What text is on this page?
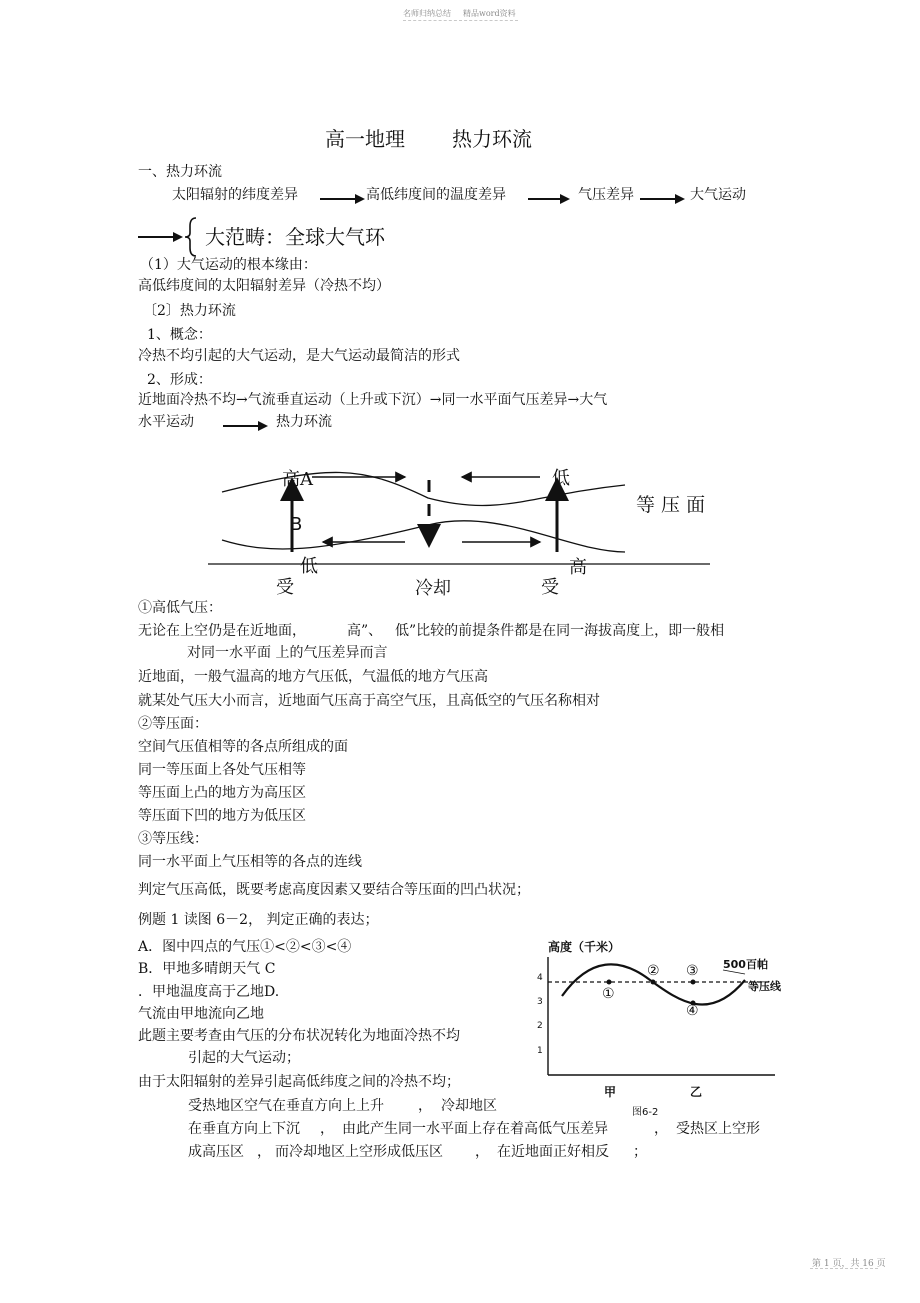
名师归纳总结 精品word资料
高一地理 热力环流
一、热力环流
太阳辐射的纬度差异	高低纬度间的温度差异	气压差异	大气运动
大范畴：全球大气环
（1）大气运动的根本缘由：
高低纬度间的太阳辐射差异（冷热不均）
〔2〕热力环流
1、概念：
冷热不均引起的大气运动，是大气运动最简洁的形式
2、形成：
近地面冷热不均→气流垂直运动（上升或下沉）→同一水平面气压差异→大气
水平运动	热力环流
高A	低
B
低	高
等 压 面
受	冷却	受
①高低气压：
无论在上空仍是在近地面，	高”、 低”比较的前提条件都是在同一海拔高度上，即一般相
对同一水平面 上的气压差异而言
近地面，一般气温高的地方气压低，气温低的地方气压高
就某处气压大小而言，近地面气压高于高空气压，且高低空的气压名称相对
②等压面：
空间气压值相等的各点所组成的面
同一等压面上各处气压相等
等压面上凸的地方为高压区
等压面下凹的地方为低压区
③等压线：
同一水平面上气压相等的各点的连线
判定气压高低，既要考虑高度因素又要结合等压面的凹凸状况；
例题 1 读图 6－2， 判定正确的表达；
A．图中四点的气压①<②<③<④
B．甲地多晴朗天气 C
．甲地温度高于乙地D.
气流由甲地流向乙地
此题主要考查由气压的分布状况转化为地面冷热不均
引起的大气运动；
由于太阳辐射的差异引起高低纬度之间的冷热不均；
受热地区空气在垂直方向上上升 ， 冷却地区
在垂直方向上下沉 ， 由此产生同一水平面上存在着高低气压差异	， 受热区上空形
成高压区 ， 而冷却地区上空形成低压区 ， 在近地面正好相反 ；
高度（千米）
4
3
2
1
500百帕
等压线
①
② ③
④
甲	乙
图6-2
第 1 页，共 16 页
